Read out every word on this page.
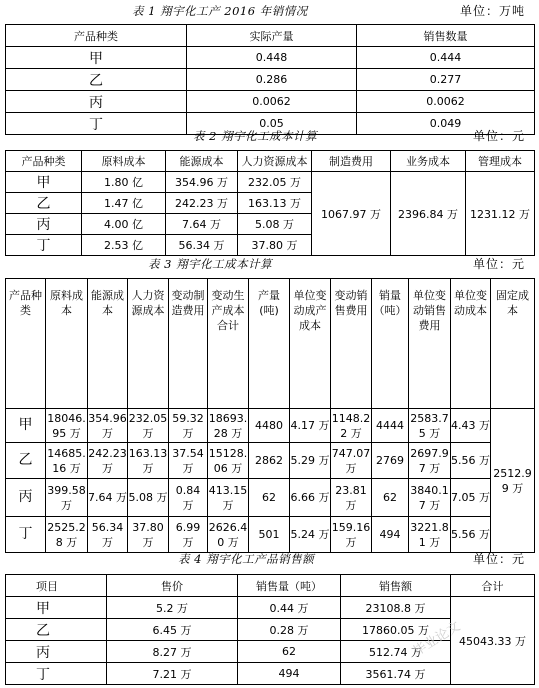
表 1 翔宇化工产 2016 年销情况	单位：万吨
产品种类	实际产量	销售数量
甲	0.448	0.444
乙	0.286	0.277
丙	0.0062	0.0062
丁	0.05	0.049
表 2 翔宇化工成本计算	单位：元
产品种类	原料成本	能源成本	人力资源成本	制造费用	业务成本	管理成本
甲	1.80 亿	354.96 万	232.05 万	1067.97 万	2396.84 万	1231.12 万
乙	1.47 亿	242.23 万	163.13 万			
丙	4.00 亿	7.64 万	5.08 万			
丁	2.53 亿	56.34 万	37.80 万			
表 3 翔宇化工成本计算	单位：元
产品种类	原料成本	能源成本	人力资源成本	变动制造费用	变动生产成本合计	产量(吨)	单位变动成产成本	变动销售费用	销量（吨）	单位变动销售费用	单位变动成本	固定成本
甲	18046.95 万	354.96 万	232.05 万	59.32 万	18693.28 万	4480	4.17 万	1148.22 万	4444	2583.75 万	4.43 万	2512.99 万
乙	14685.16 万	242.23 万	163.13 万	37.54 万	15128.06 万	2862	5.29 万	747.07 万	2769	2697.97 万	5.56 万	
丙	399.58 万	7.64 万	5.08 万	0.84 万	413.15 万	62	6.66 万	23.81 万	62	3840.17 万	7.05 万	
丁	2525.28 万	56.34 万	37.80 万	6.99 万	2626.40 万	501	5.24 万	159.16 万	494	3221.81 万	5.56 万	
表 4 翔宇化工产品销售额	单位：元
项目	售价	销售量（吨）	销售额	合计
甲	5.2 万	0.44 万	23108.8 万	45043.33 万
乙	6.45 万	0.28 万	17860.05 万	
丙	8.27 万	62	512.74 万	
丁	7.21 万	494	3561.74 万	
毕业论文
